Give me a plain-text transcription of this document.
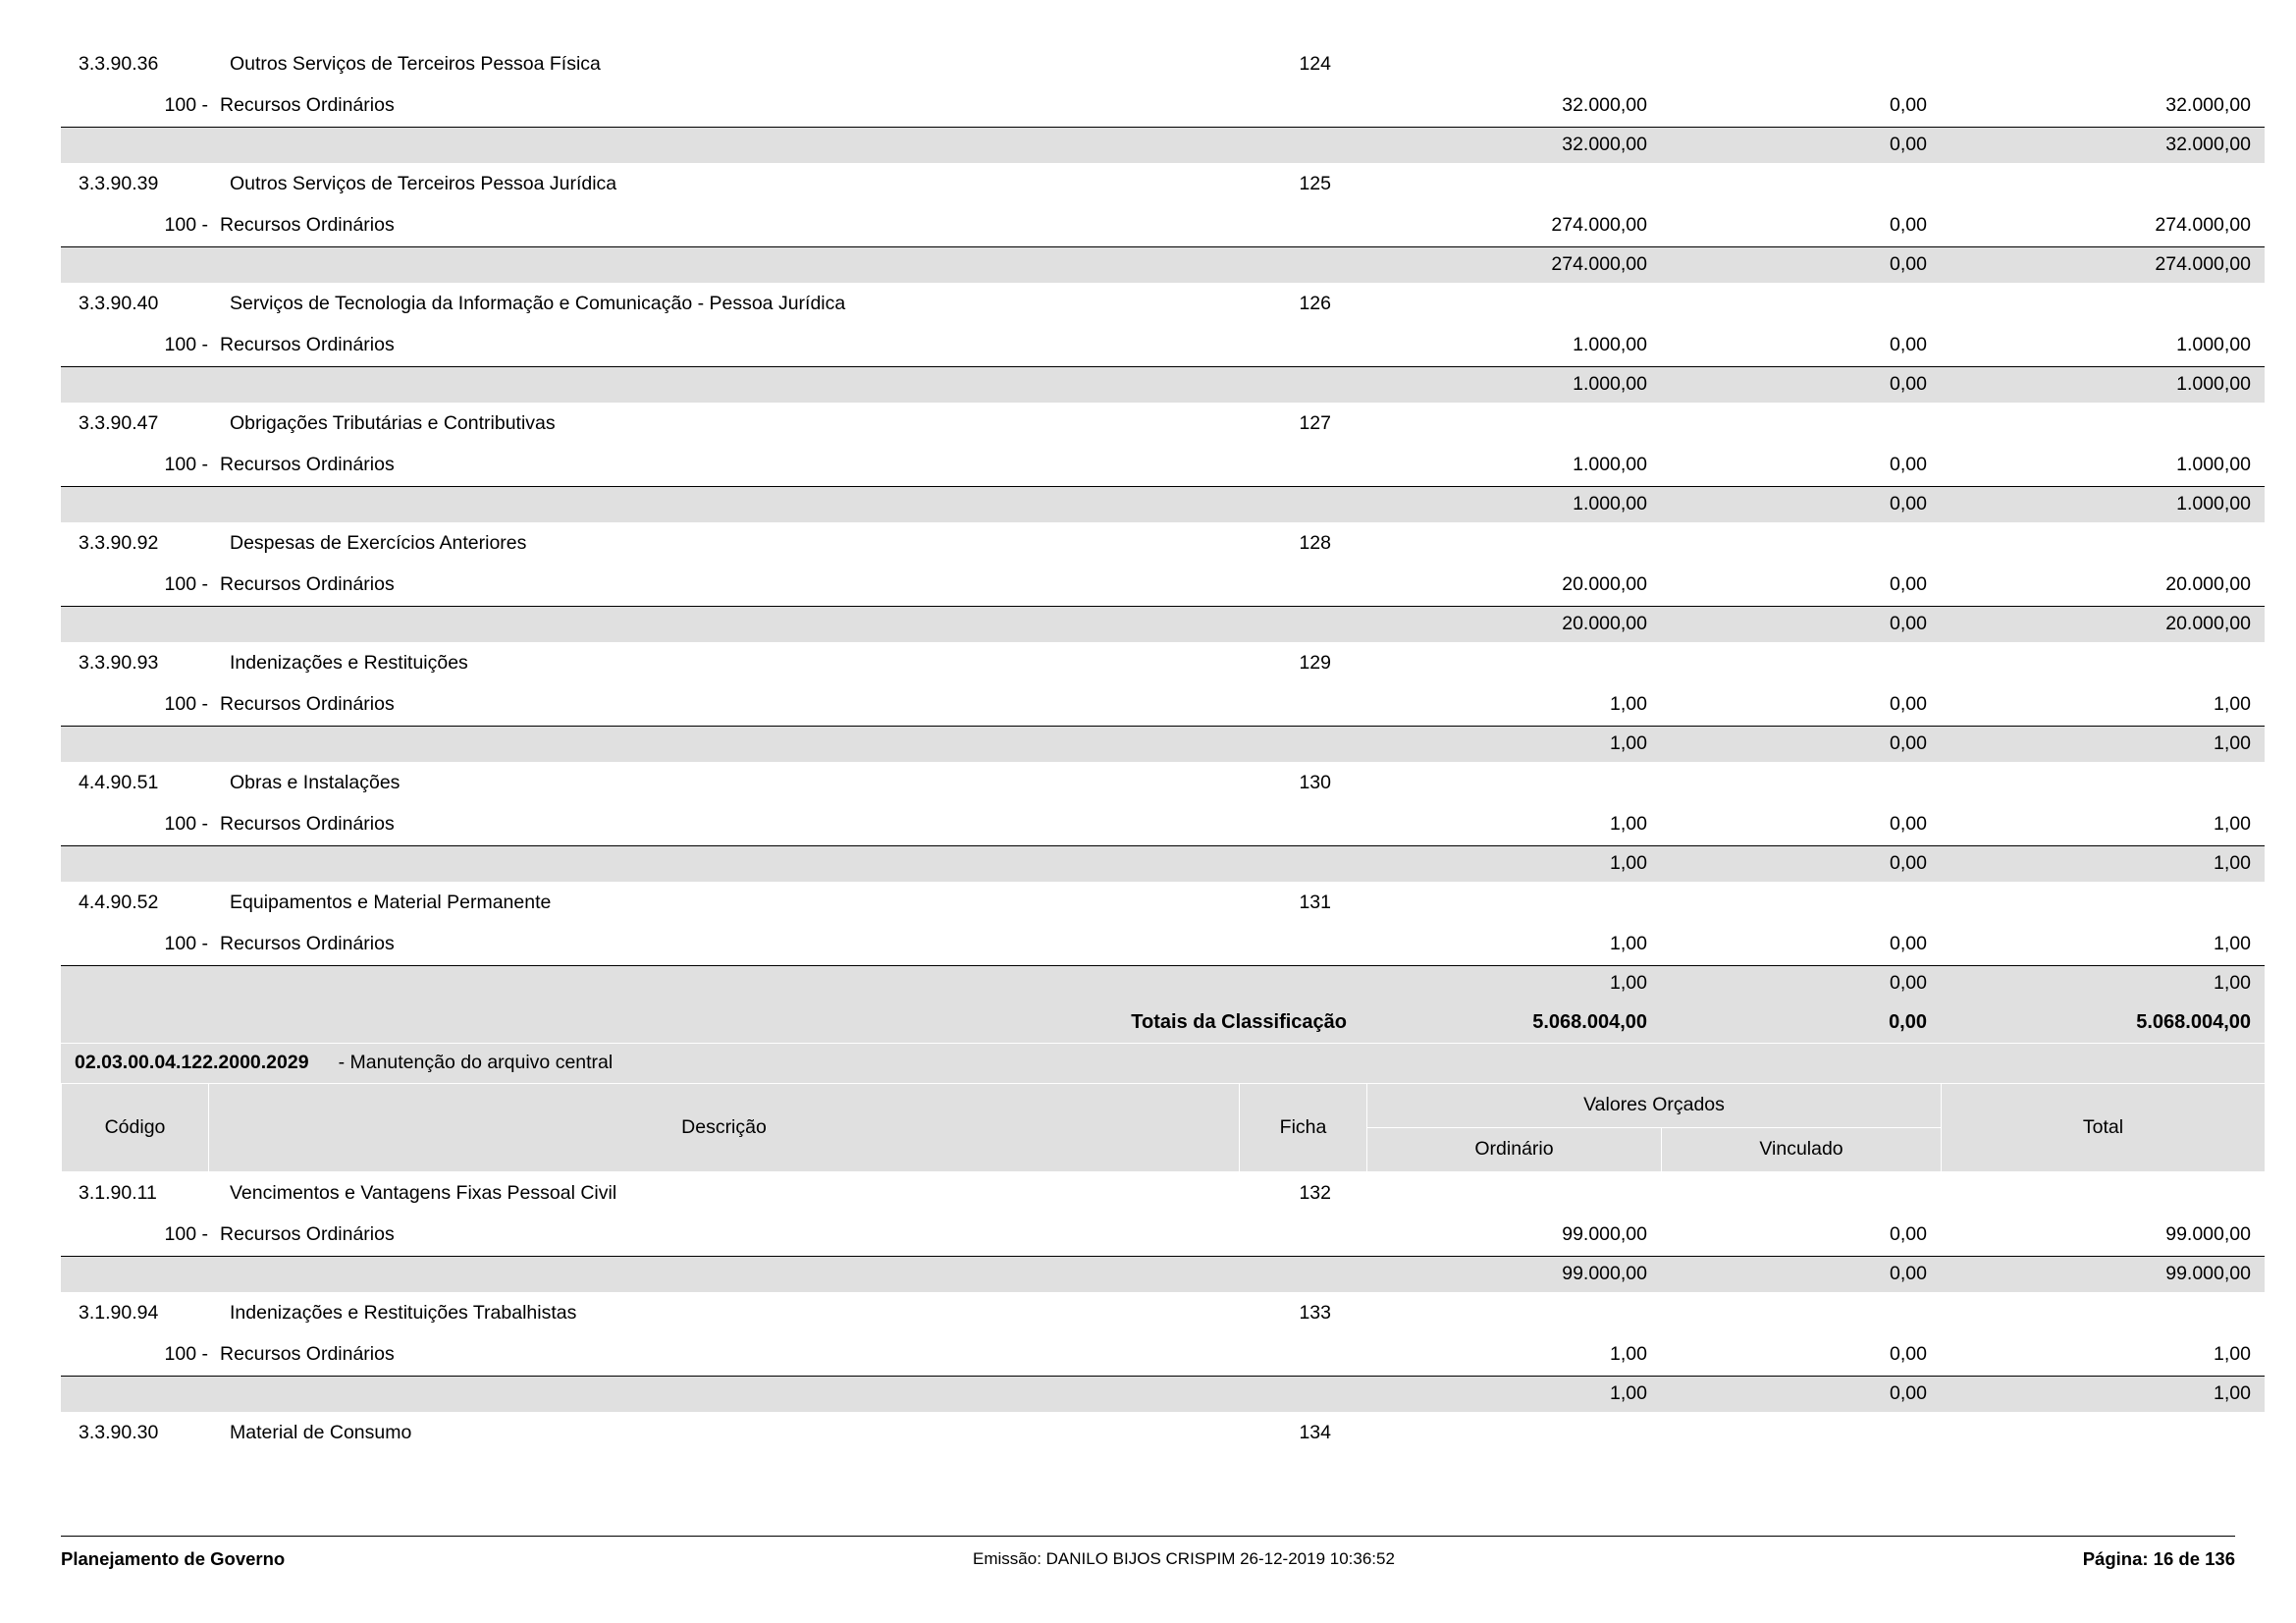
3.3.90.36	Outros Serviços de Terceiros Pessoa Física	124			
100 -	Recursos Ordinários		32.000,00	0,00	32.000,00
			32.000,00	0,00	32.000,00
3.3.90.39	Outros Serviços de Terceiros Pessoa Jurídica	125			
100 -	Recursos Ordinários		274.000,00	0,00	274.000,00
			274.000,00	0,00	274.000,00
3.3.90.40	Serviços de Tecnologia da Informação e Comunicação - Pessoa Jurídica	126			
100 -	Recursos Ordinários		1.000,00	0,00	1.000,00
			1.000,00	0,00	1.000,00
3.3.90.47	Obrigações Tributárias e Contributivas	127			
100 -	Recursos Ordinários		1.000,00	0,00	1.000,00
			1.000,00	0,00	1.000,00
3.3.90.92	Despesas de Exercícios Anteriores	128			
100 -	Recursos Ordinários		20.000,00	0,00	20.000,00
			20.000,00	0,00	20.000,00
3.3.90.93	Indenizações e Restituições	129			
100 -	Recursos Ordinários		1,00	0,00	1,00
			1,00	0,00	1,00
4.4.90.51	Obras e Instalações	130			
100 -	Recursos Ordinários		1,00	0,00	1,00
			1,00	0,00	1,00
4.4.90.52	Equipamentos e Material Permanente	131			
100 -	Recursos Ordinários		1,00	0,00	1,00
			1,00	0,00	1,00
Totais da Classificação			5.068.004,00	0,00	5.068.004,00
02.03.00.04.122.2000.2029 - Manutenção do arquivo central					
Código	Descrição	Ficha	Valores Orçados		Total
			Ordinário	Vinculado	
3.1.90.11	Vencimentos e Vantagens Fixas Pessoal Civil	132			
100 -	Recursos Ordinários		99.000,00	0,00	99.000,00
			99.000,00	0,00	99.000,00
3.1.90.94	Indenizações e Restituições Trabalhistas	133			
100 -	Recursos Ordinários		1,00	0,00	1,00
			1,00	0,00	1,00
3.3.90.30	Material de Consumo	134			
Planejamento de Governo	Emissão: DANILO BIJOS CRISPIM 26-12-2019 10:36:52	Página: 16 de 136
